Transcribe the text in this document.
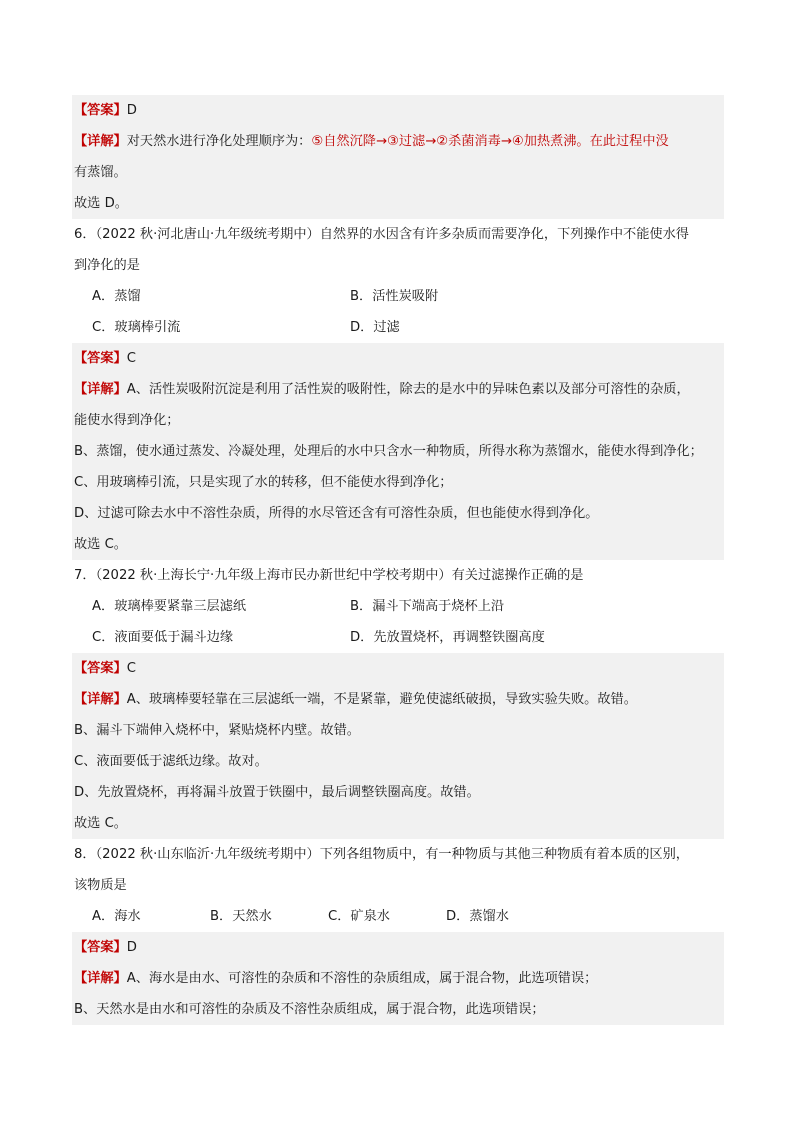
【答案】D
【详解】对天然水进行净化处理顺序为：⑤自然沉降→③过滤→②杀菌消毒→④加热煮沸。在此过程中没
有蒸馏。
故选 D。
6．（2022 秋·河北唐山·九年级统考期中）自然界的水因含有许多杂质而需要净化，下列操作中不能使水得
到净化的是
A．蒸馏	B．活性炭吸附
C．玻璃棒引流	D．过滤
【答案】C
【详解】A、活性炭吸附沉淀是利用了活性炭的吸附性，除去的是水中的异味色素以及部分可溶性的杂质，
能使水得到净化；
B、蒸馏，使水通过蒸发、冷凝处理，处理后的水中只含水一种物质，所得水称为蒸馏水，能使水得到净化；
C、用玻璃棒引流，只是实现了水的转移，但不能使水得到净化；
D、过滤可除去水中不溶性杂质，所得的水尽管还含有可溶性杂质，但也能使水得到净化。
故选 C。
7．（2022 秋·上海长宁·九年级上海市民办新世纪中学校考期中）有关过滤操作正确的是
A．玻璃棒要紧靠三层滤纸	B．漏斗下端高于烧杯上沿
C．液面要低于漏斗边缘	D．先放置烧杯，再调整铁圈高度
【答案】C
【详解】A、玻璃棒要轻靠在三层滤纸一端，不是紧靠，避免使滤纸破损，导致实验失败。故错。
B、漏斗下端伸入烧杯中，紧贴烧杯内壁。故错。
C、液面要低于滤纸边缘。故对。
D、先放置烧杯，再将漏斗放置于铁圈中，最后调整铁圈高度。故错。
故选 C。
8．（2022 秋·山东临沂·九年级统考期中）下列各组物质中，有一种物质与其他三种物质有着本质的区别，
该物质是
A．海水	B．天然水	C．矿泉水	D．蒸馏水
【答案】D
【详解】A、海水是由水、可溶性的杂质和不溶性的杂质组成，属于混合物，此选项错误；
B、天然水是由水和可溶性的杂质及不溶性杂质组成，属于混合物，此选项错误；
